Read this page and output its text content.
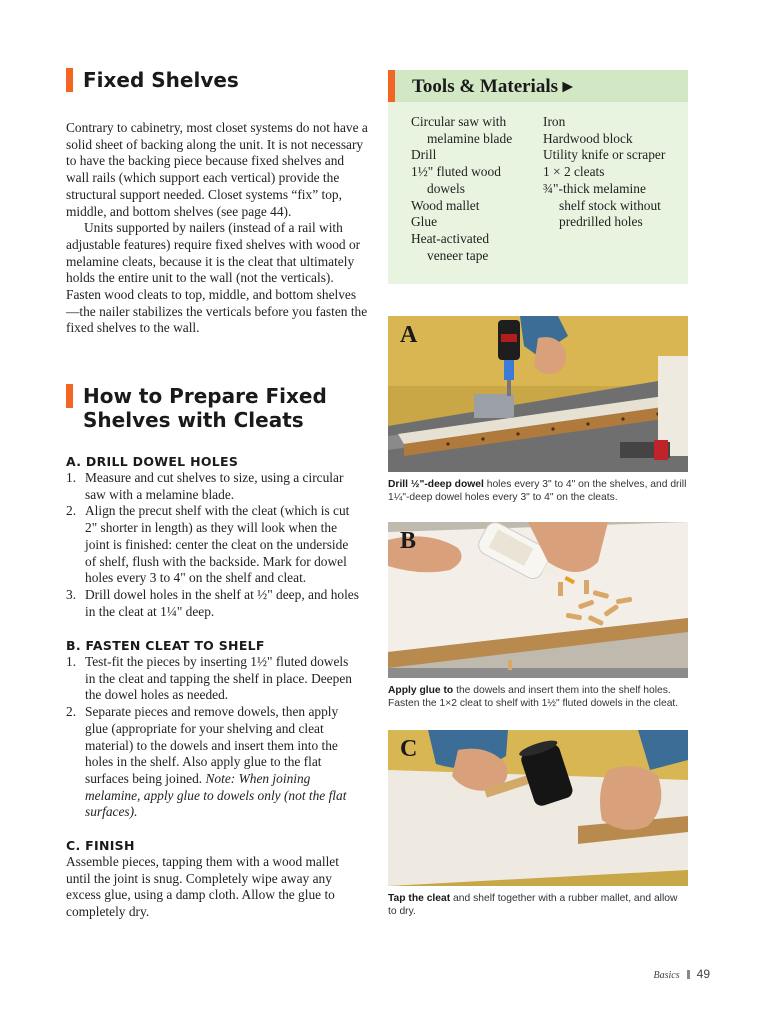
Fixed Shelves

Contrary to cabinetry, most closet systems do not have a solid sheet of backing along the unit. It is not necessary to have the backing piece because fixed shelves and wall rails (which support each vertical) provide the structural support needed. Closet systems “fix” top, middle, and bottom shelves (see page 44).

Units supported by nailers (instead of a rail with adjustable features) require fixed shelves with wood or melamine cleats, because it is the cleat that ultimately holds the entire unit to the wall (not the verticals). Fasten wood cleats to top, middle, and bottom shelves—the nailer stabilizes the verticals before you fasten the fixed shelves to the wall.

How to Prepare Fixed
Shelves with Cleats
A. DRILL DOWEL HOLES
1. Measure and cut shelves to size, using a circular saw with a melamine blade.
2. Align the precut shelf with the cleat (which is cut 2" shorter in length) as they will look when the joint is finished: center the cleat on the underside of shelf, flush with the backside. Mark for dowel holes every 3 to 4" on the shelf and cleat.
3. Drill dowel holes in the shelf at ½" deep, and holes in the cleat at 1¼" deep.
B. FASTEN CLEAT TO SHELF
1. Test-fit the pieces by inserting 1½" fluted dowels in the cleat and tapping the shelf in place. Deepen the dowel holes as needed.
2. Separate pieces and remove dowels, then apply glue (appropriate for your shelving and cleat material) to the dowels and insert them into the holes in the shelf. Also apply glue to the flat surfaces being joined. Note: When joining melamine, apply glue to dowels only (not the flat surfaces).
C. FINISH
Assemble pieces, tapping them with a wood mallet until the joint is snug. Completely wipe away any excess glue, using a damp cloth. Allow the glue to completely dry.
Tools & Materials ▸
Circular saw with
melamine blade
Drill
1½" fluted wood
dowels
Wood mallet
Glue
Heat-activated
veneer tape
Iron
Hardwood block
Utility knife or scraper
1 × 2 cleats
¾"-thick melamine
shelf stock without
predrilled holes
A
Drill ½"-deep dowel holes every 3" to 4" on the shelves, and drill 1¼"-deep dowel holes every 3" to 4" on the cleats.
B
Apply glue to the dowels and insert them into the shelf holes. Fasten the 1×2 cleat to shelf with 1½" fluted dowels in the cleat.
C
Tap the cleat and shelf together with a rubber mallet, and allow to dry.
Basics 49
